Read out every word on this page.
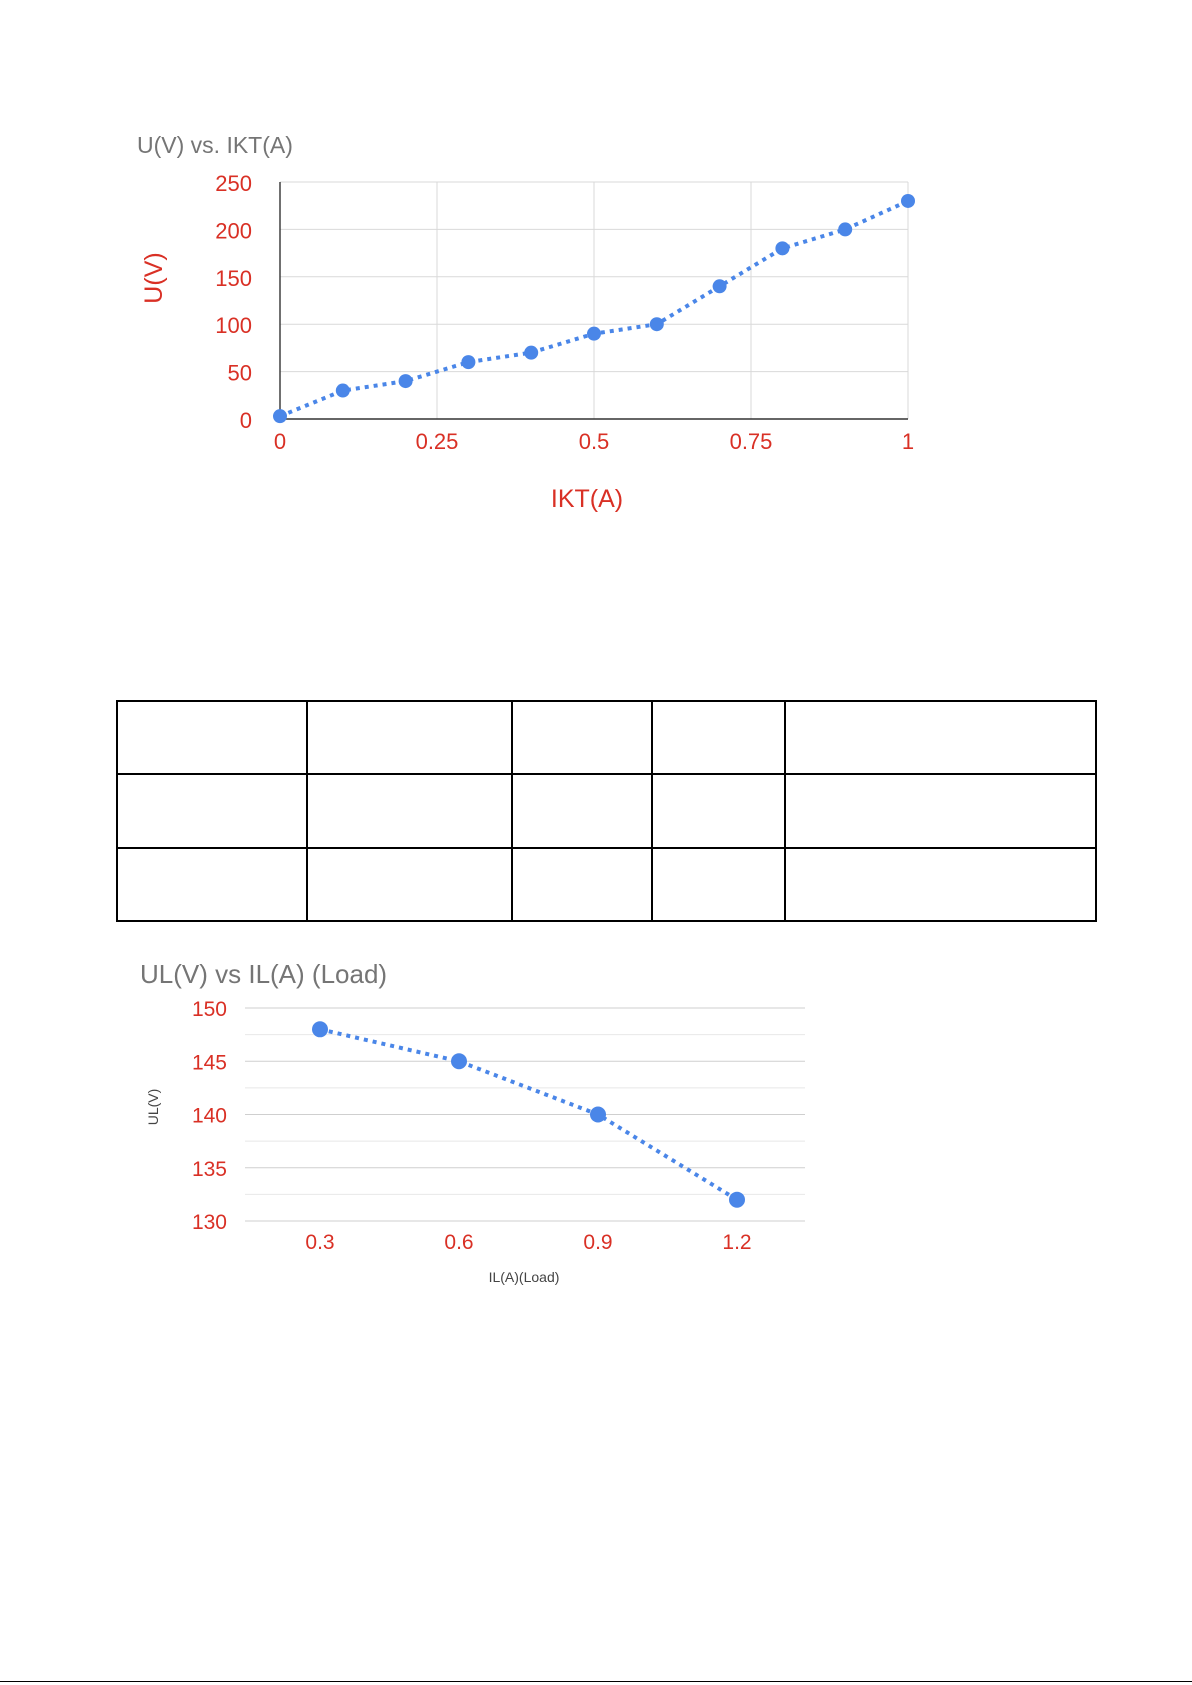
U(V) vs. IKT(A)
0
50
100
150
200
250
0	0.25	0.5	0.75	1
IKT(A)
U(V)

UL(V) vs IL(A) (Load)
130
135
140
145
150
0.3	0.6	0.9	1.2
IL(A)(Load)
UL(V)
